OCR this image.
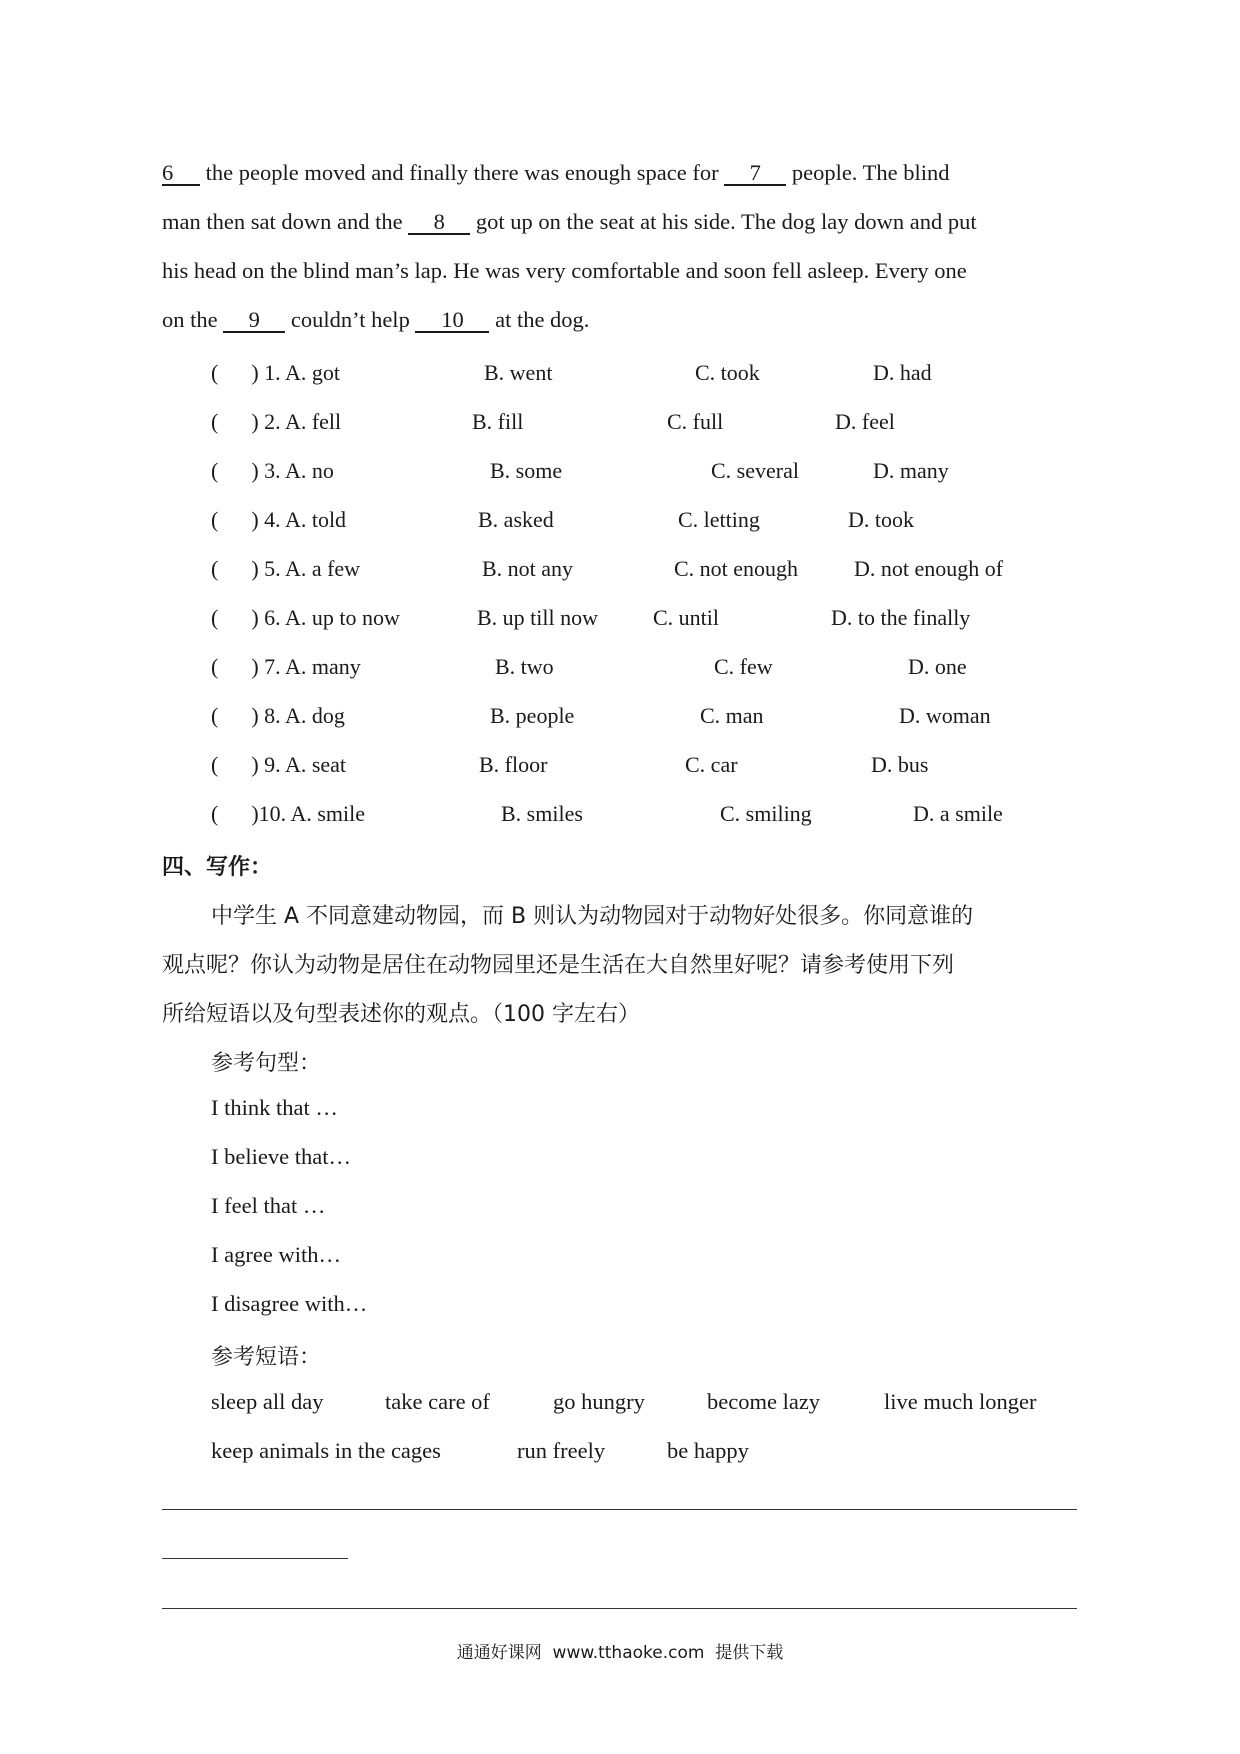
6 the people moved and finally there was enough space for 7 people. The blind
man then sat down and the 8 got up on the seat at his side. The dog lay down and put
his head on the blind man’s lap. He was very comfortable and soon fell asleep. Every one
on the 9 couldn’t help 10 at the dog.
(      ) 1. A. got	B. went	C. took	D. had
(      ) 2. A. fell	B. fill	C. full	D. feel
(      ) 3. A. no	B. some	C. several	D. many
(      ) 4. A. told	B. asked	C. letting	D. took
(      ) 5. A. a few	B. not any	C. not enough	D. not enough of
(      ) 6. A. up to now	B. up till now C. until	D. to the finally
(      ) 7. A. many	B. two	C. few	D. one
(      ) 8. A. dog	B. people	C. man	D. woman
(      ) 9. A. seat	B. floor	C. car	D. bus
(      )10. A. smile	B. smiles	C. smiling	D. a smile
四、写作：
中学生 A 不同意建动物园，而 B 则认为动物园对于动物好处很多。你同意谁的
观点呢？你认为动物是居住在动物园里还是生活在大自然里好呢？请参考使用下列
所给短语以及句型表述你的观点。（100 字左右）
参考句型：
I think that …
I believe that…
I feel that …
I agree with…
I disagree with…
参考短语：
sleep all day	take care of	go hungry	become lazy	live much longer
keep animals in the cages	run freely	be happy
通通好课网  www.tthaoke.com  提供下载
